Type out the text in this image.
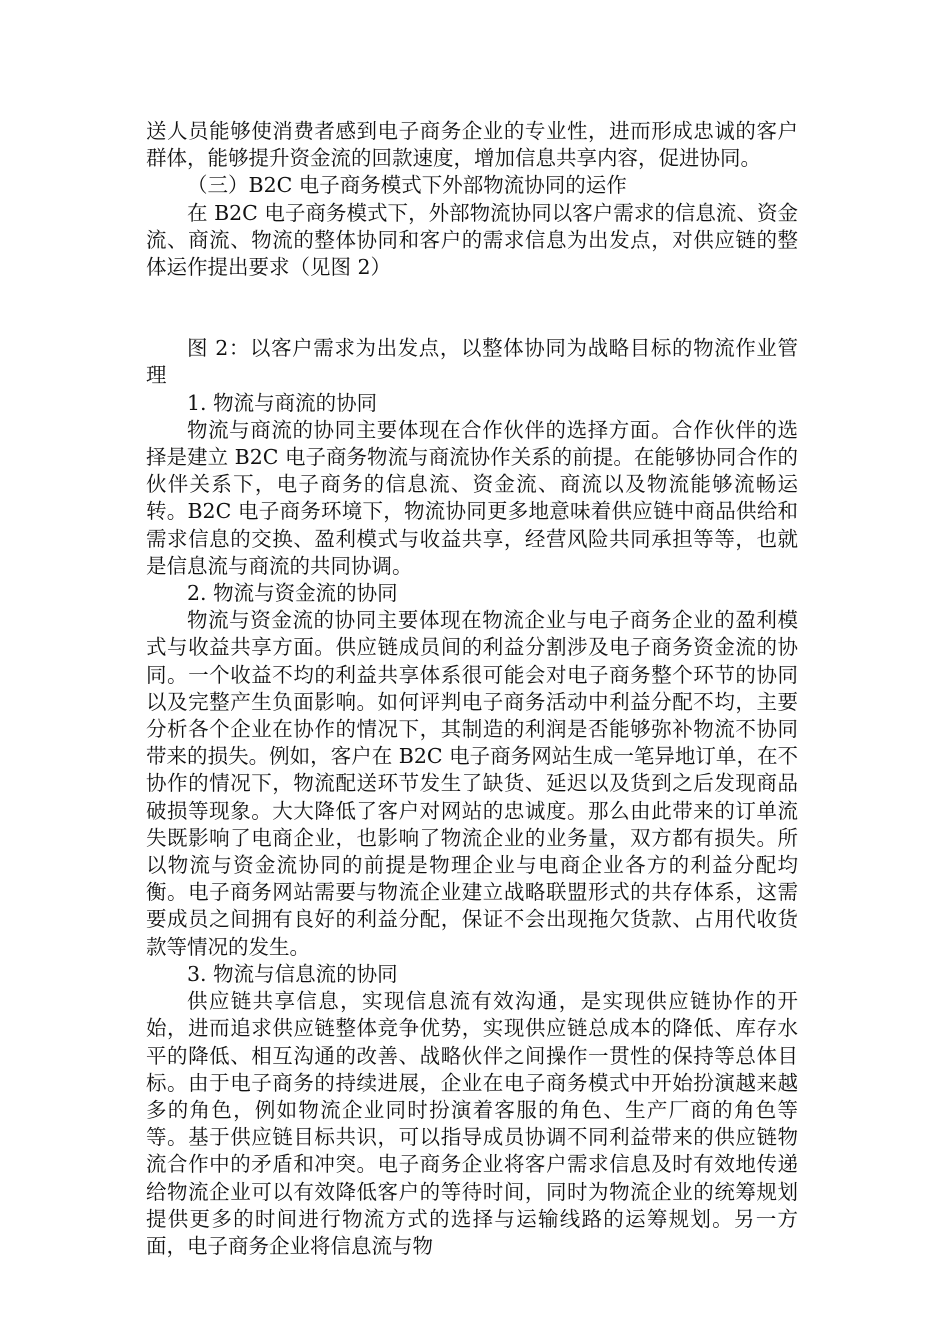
送人员能够使消费者感到电子商务企业的专业性，进而形成忠诚的客户群体，能够提升资金流的回款速度，增加信息共享内容，促进协同。

（三）B2C 电子商务模式下外部物流协同的运作

在 B2C 电子商务模式下，外部物流协同以客户需求的信息流、资金流、商流、物流的整体协同和客户的需求信息为出发点，对供应链的整体运作提出要求（见图 2）

图 2：以客户需求为出发点，以整体协同为战略目标的物流作业管理

1. 物流与商流的协同

物流与商流的协同主要体现在合作伙伴的选择方面。合作伙伴的选择是建立 B2C 电子商务物流与商流协作关系的前提。在能够协同合作的伙伴关系下，电子商务的信息流、资金流、商流以及物流能够流畅运转。B2C 电子商务环境下，物流协同更多地意味着供应链中商品供给和需求信息的交换、盈利模式与收益共享，经营风险共同承担等等，也就是信息流与商流的共同协调。

2. 物流与资金流的协同

物流与资金流的协同主要体现在物流企业与电子商务企业的盈利模式与收益共享方面。供应链成员间的利益分割涉及电子商务资金流的协同。一个收益不均的利益共享体系很可能会对电子商务整个环节的协同以及完整产生负面影响。如何评判电子商务活动中利益分配不均，主要分析各个企业在协作的情况下，其制造的利润是否能够弥补物流不协同带来的损失。例如，客户在 B2C 电子商务网站生成一笔异地订单，在不协作的情况下，物流配送环节发生了缺货、延迟以及货到之后发现商品破损等现象。大大降低了客户对网站的忠诚度。那么由此带来的订单流失既影响了电商企业，也影响了物流企业的业务量，双方都有损失。所以物流与资金流协同的前提是物理企业与电商企业各方的利益分配均衡。电子商务网站需要与物流企业建立战略联盟形式的共存体系，这需要成员之间拥有良好的利益分配，保证不会出现拖欠货款、占用代收货款等情况的发生。

3. 物流与信息流的协同

供应链共享信息，实现信息流有效沟通，是实现供应链协作的开始，进而追求供应链整体竞争优势，实现供应链总成本的降低、库存水平的降低、相互沟通的改善、战略伙伴之间操作一贯性的保持等总体目标。由于电子商务的持续进展，企业在电子商务模式中开始扮演越来越多的角色，例如物流企业同时扮演着客服的角色、生产厂商的角色等等。基于供应链目标共识，可以指导成员协调不同利益带来的供应链物流合作中的矛盾和冲突。电子商务企业将客户需求信息及时有效地传递给物流企业可以有效降低客户的等待时间，同时为物流企业的统筹规划提供更多的时间进行物流方式的选择与运输线路的运筹规划。另一方面，电子商务企业将信息流与物
